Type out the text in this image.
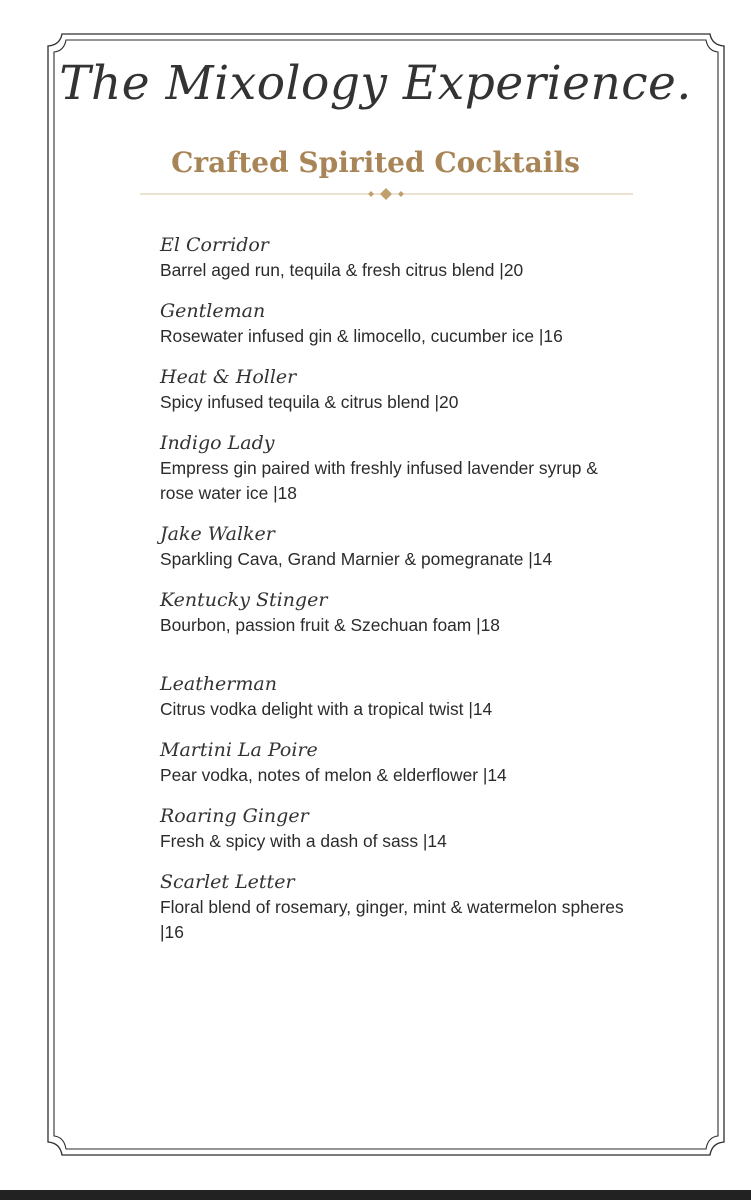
The Mixology Experience.
Crafted Spirited Cocktails
El Corridor
Barrel aged run, tequila & fresh citrus blend |20
Gentleman
Rosewater infused gin & limocello, cucumber ice |16
Heat & Holler
Spicy infused tequila & citrus blend |20
Indigo Lady
Empress gin paired with freshly infused lavender syrup & rose water ice |18
Jake Walker
Sparkling Cava, Grand Marnier & pomegranate |14
Kentucky Stinger
Bourbon, passion fruit & Szechuan foam |18
Leatherman
Citrus vodka delight with a tropical twist |14
Martini La Poire
Pear vodka, notes of melon & elderflower |14
Roaring Ginger
Fresh & spicy with a dash of sass |14
Scarlet Letter
Floral blend of rosemary, ginger, mint & watermelon spheres |16
